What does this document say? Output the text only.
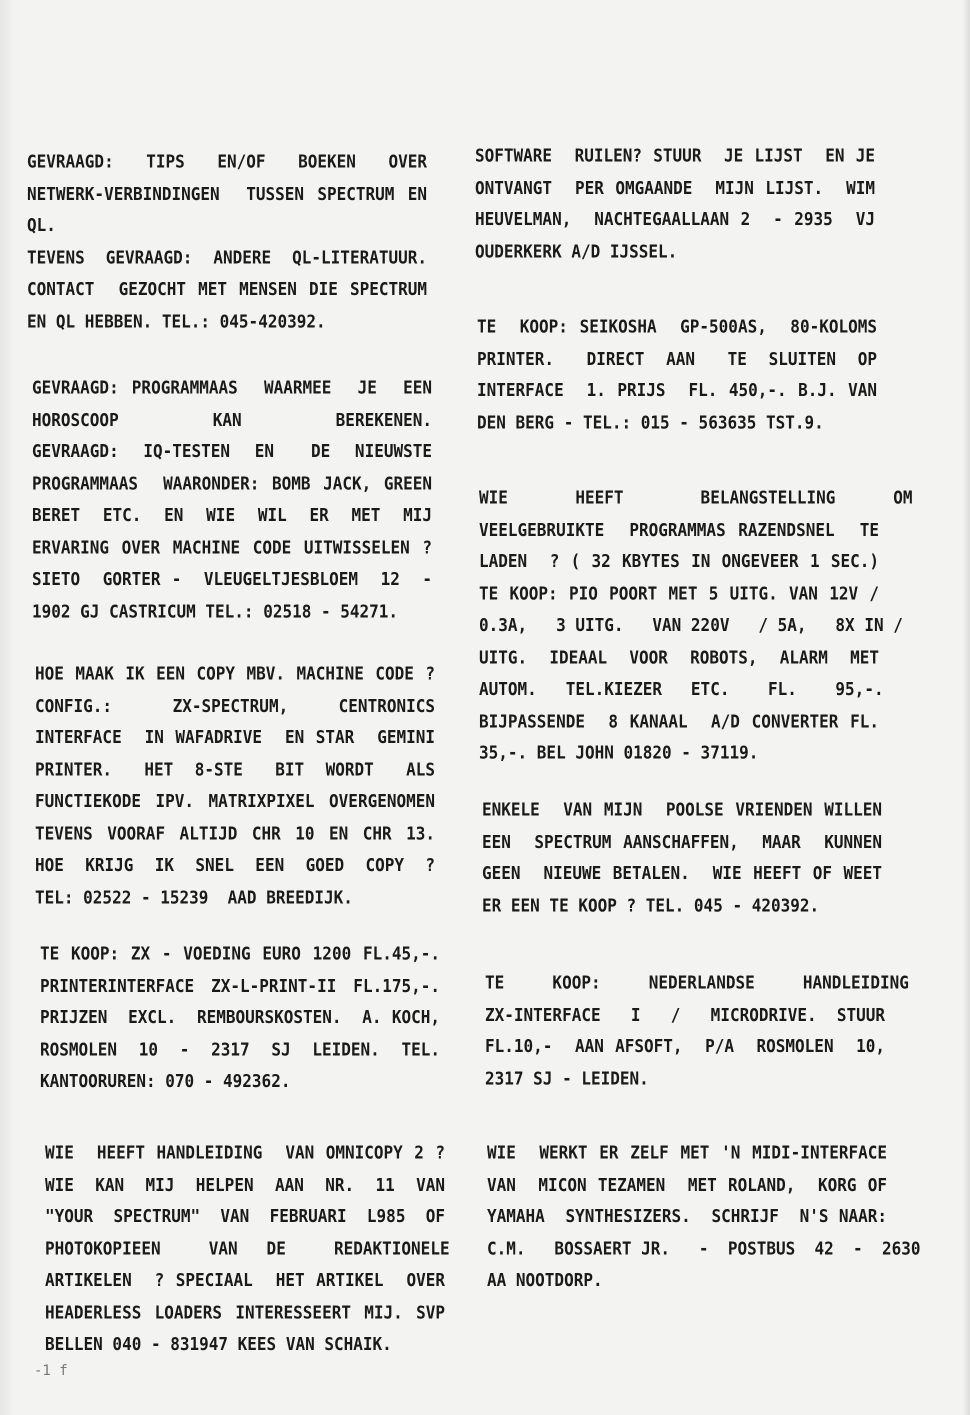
GEVRAAGD:  TIPS  EN/OF  BOEKEN  OVER
NETWERK-VERBINDINGEN  TUSSEN SPECTRUM EN
QL.
TEVENS GEVRAAGD: ANDERE QL-LITERATUUR.
CONTACT  GEZOCHT MET MENSEN DIE SPECTRUM
EN QL HEBBEN. TEL.: 045-420392.
GEVRAAGD: PROGRAMMAAS  WAARMEE  JE  EEN
HOROSCOOP KAN BEREKENEN.
GEVRAAGD:  IQ-TESTEN  EN   DE  NIEUWSTE
PROGRAMMAAS  WAARONDER: BOMB JACK, GREEN
BERET  ETC.  EN  WIE  WIL  ER  MET  MIJ
ERVARING OVER MACHINE CODE UITWISSELEN ?
SIETO  GORTER -  VLEUGELTJESBLOEM  12  -
1902 GJ CASTRICUM TEL.: 02518 - 54271.
HOE MAAK IK EEN COPY MBV. MACHINE CODE ?
CONFIG.:      ZX-SPECTRUM,     CENTRONICS
INTERFACE  IN WAFADRIVE  EN STAR  GEMINI
PRINTER.   HET  8-STE   BIT  WORDT   ALS
FUNCTIEKODE IPV. MATRIXPIXEL OVERGENOMEN
TEVENS VOORAF ALTIJD CHR 10 EN CHR 13.
HOE KRIJG IK SNEL EEN GOED COPY ?
TEL: 02522 - 15239  AAD BREEDIJK.
TE KOOP: ZX - VOEDING EURO 1200 FL.45,-.
PRINTERINTERFACE ZX-L-PRINT-II FL.175,-.
PRIJZEN  EXCL.  REMBOURSKOSTEN.  A. KOCH,
ROSMOLEN  10  -  2317  SJ  LEIDEN.  TEL.
KANTOORUREN: 070 - 492362.
WIE  HEEFT HANDLEIDING  VAN OMNICOPY 2 ?
WIE  KAN  MIJ  HELPEN  AAN  NR.  11  VAN
"YOUR  SPECTRUM"  VAN  FEBRUARI  L985  OF
PHOTOKOPIEEN     VAN   DE     REDAKTIONELE
ARTIKELEN  ? SPECIAAL  HET ARTIKEL  OVER
HEADERLESS LOADERS INTERESSEERT MIJ. SVP
BELLEN 040 - 831947 KEES VAN SCHAIK.
SOFTWARE  RUILEN? STUUR  JE LIJST  EN JE
ONTVANGT  PER OMGAANDE  MIJN LIJST.  WIM
HEUVELMAN,  NACHTEGAALLAAN 2  - 2935  VJ
OUDERKERK A/D IJSSEL.
TE  KOOP: SEIKOSHA  GP-500AS,  80-KOLOMS
PRINTER.   DIRECT  AAN   TE  SLUITEN  OP
INTERFACE  1. PRIJS  FL. 450,-. B.J. VAN
DEN BERG - TEL.: 015 - 563635 TST.9.
WIE       HEEFT        BELANGSTELLING      OM
VEELGEBRUIKTE  PROGRAMMAS RAZENDSNEL  TE
LADEN  ? ( 32 KBYTES IN ONGEVEER 1 SEC.)
TE KOOP: PIO POORT MET 5 UITG. VAN 12V /
0.3A,   3 UITG.   VAN 220V   / 5A,   8X IN /
UITG.  IDEAAL  VOOR  ROBOTS,  ALARM  MET
AUTOM.   TEL.KIEZER   ETC.    FL.    95,-.
BIJPASSENDE  8 KANAAL  A/D CONVERTER FL.
35,-. BEL JOHN 01820 - 37119.
ENKELE  VAN MIJN  POOLSE VRIENDEN WILLEN
EEN  SPECTRUM AANSCHAFFEN,  MAAR  KUNNEN
GEEN  NIEUWE BETALEN.  WIE HEEFT OF WEET
ER EEN TE KOOP ? TEL. 045 - 420392.
TE     KOOP:     NEDERLANDSE     HANDLEIDING
ZX-INTERFACE   I   /   MICRODRIVE.  STUUR
FL.10,-  AAN AFSOFT,  P/A  ROSMOLEN  10,
2317 SJ - LEIDEN.
WIE  WERKT ER ZELF MET 'N MIDI-INTERFACE
VAN  MICON TEZAMEN  MET ROLAND,  KORG OF
YAMAHA  SYNTHESIZERS.  SCHRIJF  N'S NAAR:
C.M.   BOSSAERT JR.   -  POSTBUS  42  -  2630
AA NOOTDORP.
-1 f
